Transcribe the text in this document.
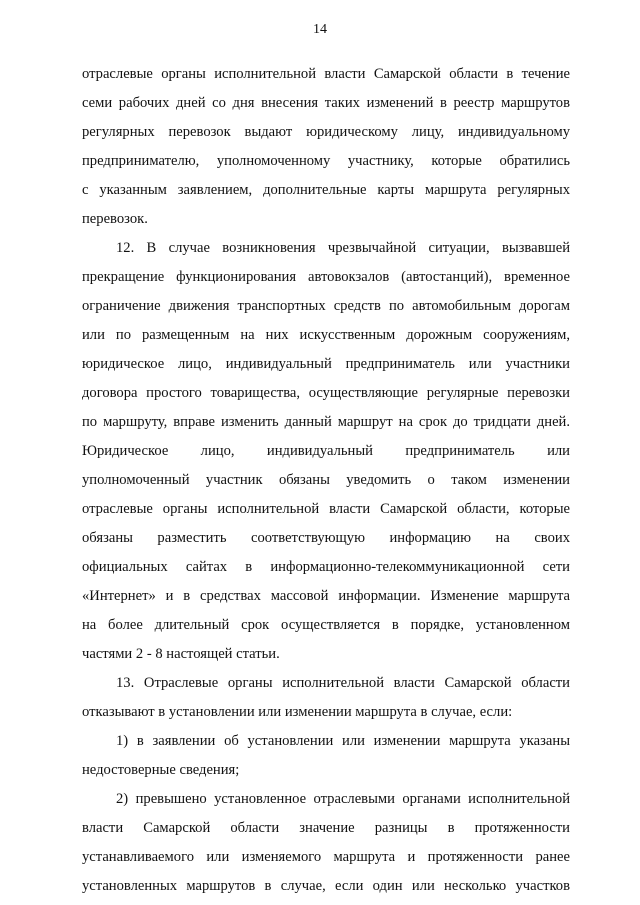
14
отраслевые органы исполнительной власти Самарской области в течение
семи рабочих дней со дня внесения таких изменений в реестр маршрутов
регулярных перевозок выдают юридическому лицу, индивидуальному
предпринимателю, уполномоченному участнику, которые обратились
с указанным заявлением, дополнительные карты маршрута регулярных
перевозок.
12. В случае возникновения чрезвычайной ситуации, вызвавшей
прекращение функционирования автовокзалов (автостанций), временное
ограничение движения транспортных средств по автомобильным дорогам
или по размещенным на них искусственным дорожным сооружениям,
юридическое лицо, индивидуальный предприниматель или участники
договора простого товарищества, осуществляющие регулярные перевозки
по маршруту, вправе изменить данный маршрут на срок до тридцати дней.
Юридическое лицо, индивидуальный предприниматель или
уполномоченный участник обязаны уведомить о таком изменении
отраслевые органы исполнительной власти Самарской области, которые
обязаны разместить соответствующую информацию на своих
официальных сайтах в информационно-телекоммуникационной сети
«Интернет» и в средствах массовой информации. Изменение маршрута
на более длительный срок осуществляется в порядке, установленном
частями 2 - 8 настоящей статьи.
13. Отраслевые органы исполнительной власти Самарской области
отказывают в установлении или изменении маршрута в случае, если:
1) в заявлении об установлении или изменении маршрута указаны
недостоверные сведения;
2) превышено установленное отраслевыми органами исполнительной
власти Самарской области значение разницы в протяженности
устанавливаемого или изменяемого маршрута и протяженности ранее
установленных маршрутов в случае, если один или несколько участков
